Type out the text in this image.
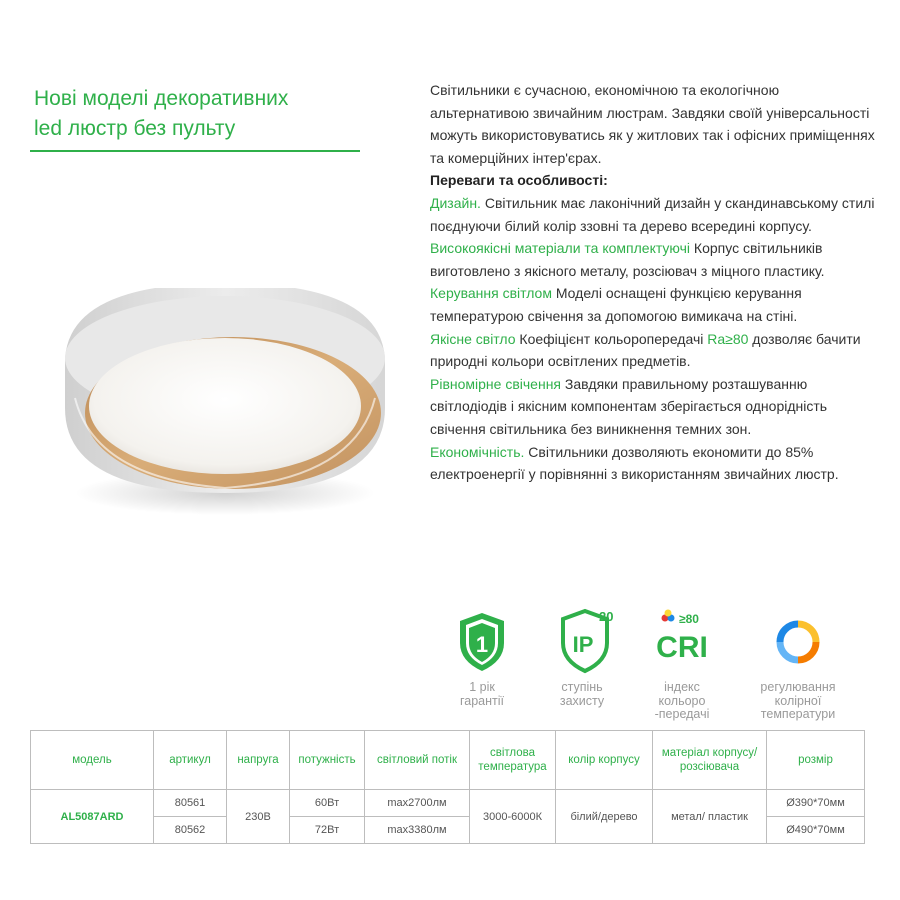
Нові моделі декоративних
led люстр без пульту

Світильники є сучасною, економічною та екологічною альтернативою звичайним люстрам. Завдяки своїй універсальності можуть використовуватись як у житлових так і офісних приміщеннях та комерційних інтер'єрах.

Переваги та особливості:

Дизайн. Світильник має лаконічний дизайн у скандинавському стилі поєднуючи білий колір ззовні та дерево всередині корпусу.

Високоякісні матеріали та комплектуючі Корпус світильників виготовлено з якісного металу, розсіювач з міцного пластику.

Керування світлом Моделі оснащені функцією керування температурою свічення за допомогою вимикача на стіні.

Якісне світло Коефіцієнт кольоропередачі Ra≥80 дозволяє бачити природні кольори освітлених предметів.

Рівномірне свічення Завдяки правильному розташуванню світлодіодів і якісним компонентам зберігається однорідність свічення світильника без виникнення темних зон.

Економічність. Світильники дозволяють економити до 85% електроенергії у порівнянні з використанням звичайних люстр.

1
1 рік
гарантії
IP
20
ступінь
захисту
≥80
CRI
індекс
кольоро
-передачі
регулювання
колірної
температури
модель	артикул	напруга	потужність	світловий потік	світлова температура	колір корпусу	матеріал корпусу/ розсіювача	розмір
AL5087ARD	80561	230В	60Вт	max2700лм	3000-6000К	білий/дерево	метал/ пластик	Ø390*70мм
	80562		72Вт	max3380лм				Ø490*70мм
